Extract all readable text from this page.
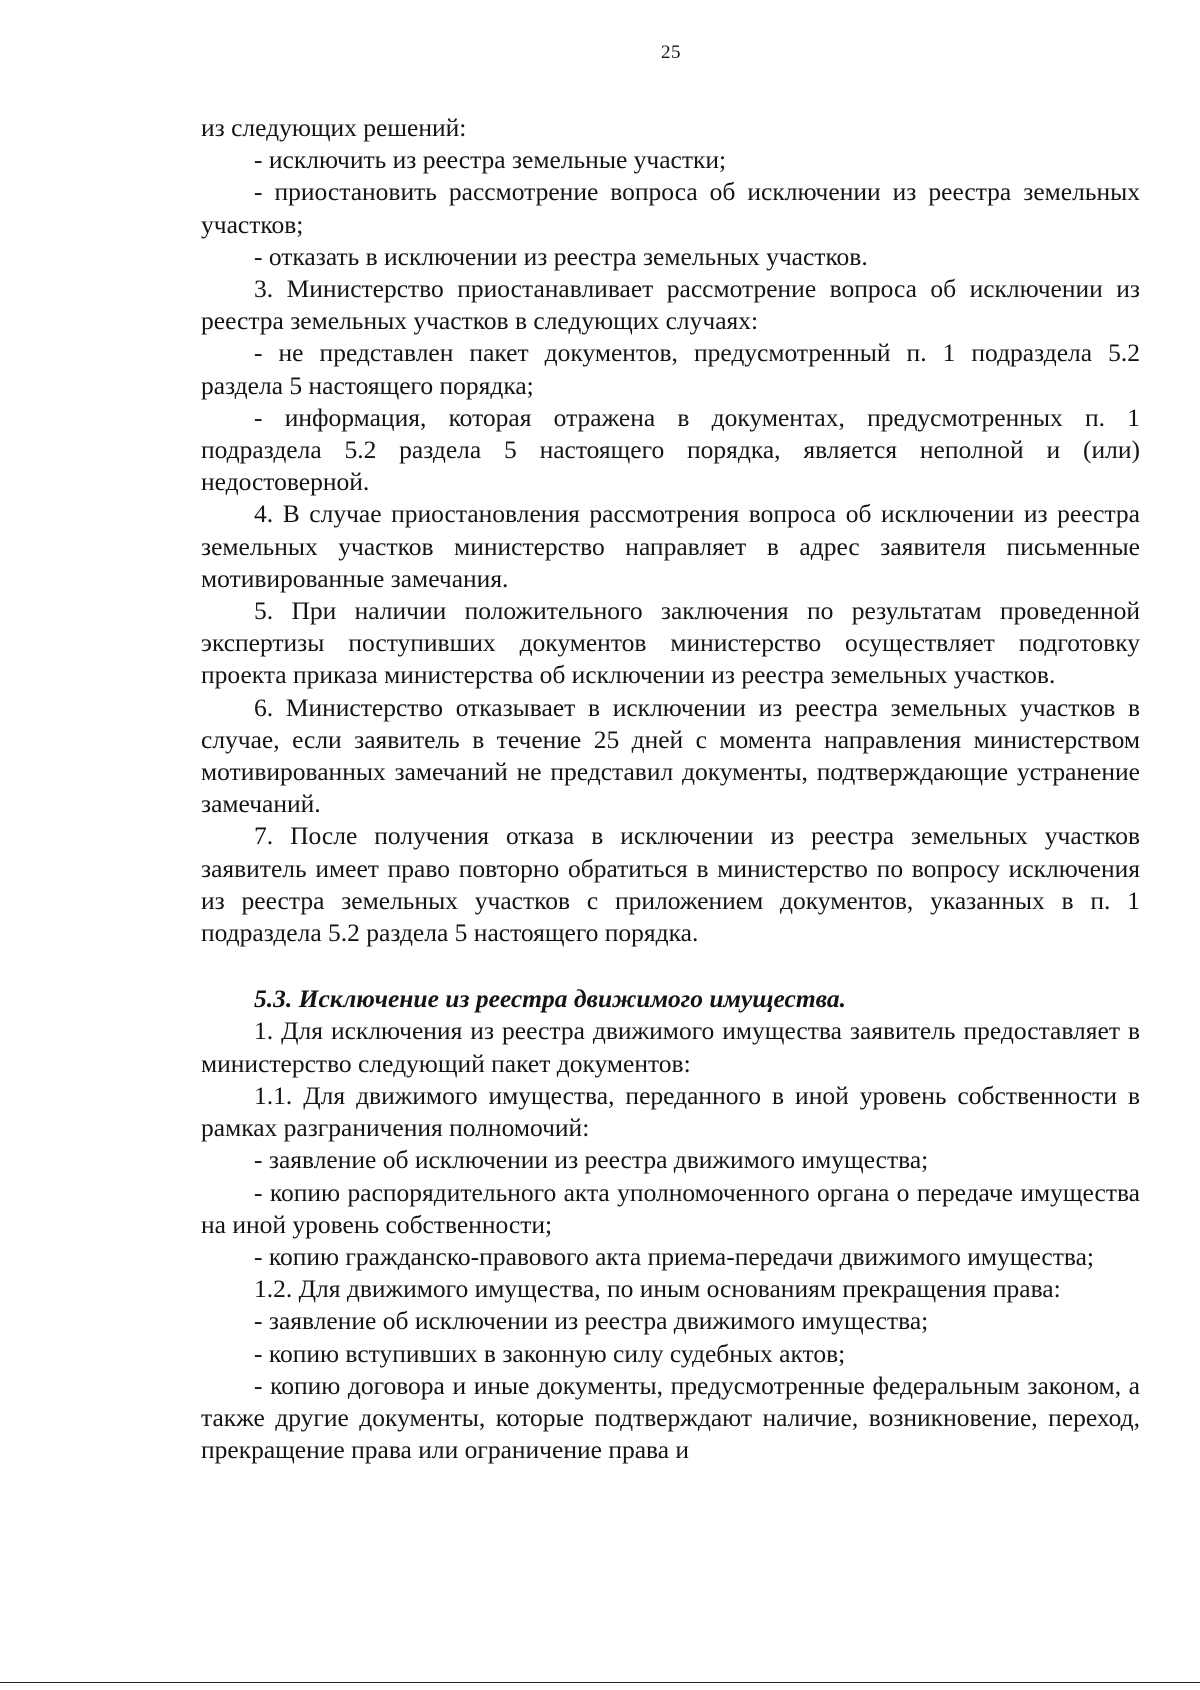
25

из следующих решений:

- исключить из реестра земельные участки;

- приостановить рассмотрение вопроса об исключении из реестра земельных участков;

- отказать в исключении из реестра земельных участков.

3. Министерство приостанавливает рассмотрение вопроса об исключении из реестра земельных участков в следующих случаях:

- не представлен пакет документов, предусмотренный п. 1 подраздела 5.2 раздела 5 настоящего порядка;

- информация, которая отражена в документах, предусмотренных п. 1 подраздела 5.2 раздела 5 настоящего порядка, является неполной и (или) недостоверной.

4. В случае приостановления рассмотрения вопроса об исключении из реестра земельных участков министерство направляет в адрес заявителя письменные мотивированные замечания.

5. При наличии положительного заключения по результатам проведенной экспертизы поступивших документов министерство осуществляет подготовку проекта приказа министерства об исключении из реестра земельных участков.

6. Министерство отказывает в исключении из реестра земельных участков в случае, если заявитель в течение 25 дней с момента направления министерством мотивированных замечаний не представил документы, подтверждающие устранение замечаний.

7. После получения отказа в исключении из реестра земельных участков заявитель имеет право повторно обратиться в министерство по вопросу исключения из реестра земельных участков с приложением документов, указанных в п. 1 подраздела 5.2 раздела 5 настоящего порядка.

5.3. Исключение из реестра движимого имущества.

1. Для исключения из реестра движимого имущества заявитель предоставляет в министерство следующий пакет документов:

1.1. Для движимого имущества, переданного в иной уровень собственности в рамках разграничения полномочий:

- заявление об исключении из реестра движимого имущества;

- копию распорядительного акта уполномоченного органа о передаче имущества на иной уровень собственности;

- копию гражданско-правового акта приема-передачи движимого имущества;

1.2. Для движимого имущества, по иным основаниям прекращения права:

- заявление об исключении из реестра движимого имущества;

- копию вступивших в законную силу судебных актов;

- копию договора и иные документы, предусмотренные федеральным законом, а также другие документы, которые подтверждают наличие, возникновение, переход, прекращение права или ограничение права и
